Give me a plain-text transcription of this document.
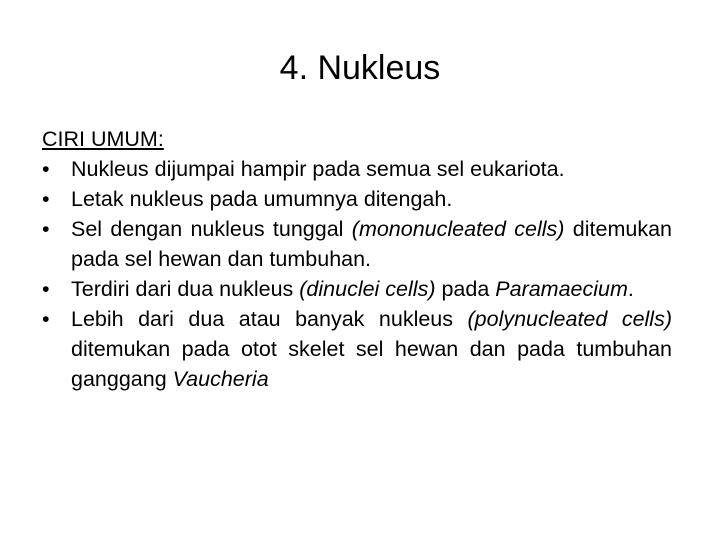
4. Nukleus
CIRI UMUM:
• Nukleus dijumpai hampir pada semua sel eukariota.
• Letak nukleus pada umumnya ditengah.
• Sel dengan nukleus tunggal (mononucleated cells) ditemukan pada sel hewan dan tumbuhan.
• Terdiri dari dua nukleus (dinuclei cells) pada Paramaecium.
• Lebih dari dua atau banyak nukleus (polynucleated cells) ditemukan pada otot skelet sel hewan dan pada tumbuhan ganggang Vaucheria
